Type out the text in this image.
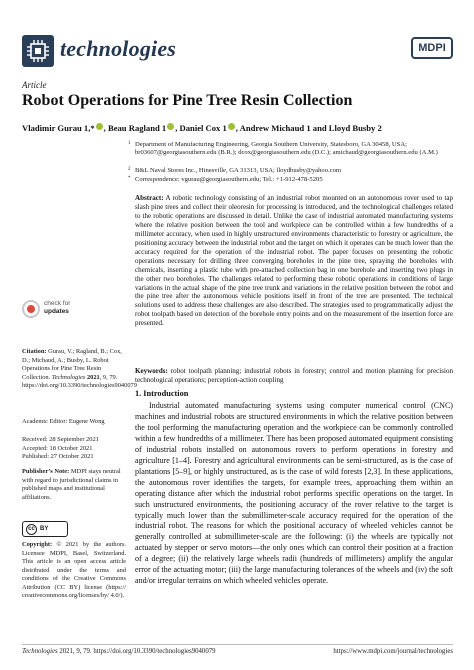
technologies	MDPI
Article
Robot Operations for Pine Tree Resin Collection
Vladimir Gurau 1,* , Beau Ragland 1 , Daniel Cox 1 , Andrew Michaud 1 and Lloyd Busby 2
1 Department of Manufacturing Engineering, Georgia Southern University, Statesboro, GA 30458, USA; br03607@georgiasouthern.edu (B.R.); dcox@georgiasouthern.edu (D.C.); amichaud@georgiasouthern.edu (A.M.)
2 B&L Naval Stores Inc., Hinesville, GA 31313, USA; lloydbusby@yahoo.com
* Correspondence: vgurau@georgiasouthern.edu; Tel.: +1-912-478-5205
Abstract: A robotic technology consisting of an industrial robot mounted on an autonomous rover used to tap slash pine trees and collect their oleoresin for processing is introduced, and the technological challenges related to the robotic operations are discussed in detail. Unlike the case of industrial automated manufacturing systems where the relative position between the tool and workpiece can be controlled within a few hundredths of a millimeter accuracy, when used in highly unstructured environments characteristic to forestry or agriculture, the positioning accuracy between the industrial robot and the target on which it operates can be much lower than the accuracy required for the operation of the industrial robot. The paper focuses on presenting the robotic operations necessary for drilling three converging boreholes in the pine tree, spraying the boreholes with chemicals, inserting a plastic tube with pre-attached collection bag in one borehole and inserting two plugs in the other two boreholes. The challenges related to performing these robotic operations in conditions of large variations in the actual shape of the pine tree trunk and variations in the relative position between the robot and the pine tree after the autonomous vehicle positions itself in front of the tree are presented. The technical solutions used to address these challenges are also described. The strategies used to programmatically adjust the robot toolpath based on detection of the borehole entry points and on the measurement of the insertion force are presented.
Keywords: robot toolpath planning; industrial robots in forestry; control and motion planning for precision technological operations; perception-action coupling
check for
updates
Citation: Gurau, V.; Ragland, B.; Cox, D.; Michaud, A.; Busby, L. Robot Operations for Pine Tree Resin Collection. Technologies 2021, 9, 79. https://doi.org/10.3390/technologies9040079
Academic Editor: Eugene Wong
Received: 28 September 2021
Accepted: 18 October 2021
Published: 27 October 2021
Publisher’s Note: MDPI stays neutral with regard to jurisdictional claims in published maps and institutional affiliations.
cc BY
Copyright: © 2021 by the authors. Licensee MDPI, Basel, Switzerland. This article is an open access article distributed under the terms and conditions of the Creative Commons Attribution (CC BY) license (https:// creativecommons.org/licenses/by/ 4.0/).
1. Introduction
Industrial automated manufacturing systems using computer numerical control (CNC) machines and industrial robots are structured environments in which the relative position between the tool performing the manufacturing operation and the workpiece can be commonly controlled within a few hundredths of a millimeter. There has been proposed automated equipment consisting of industrial robots installed on autonomous rovers to perform operations in forestry and agriculture [1–4]. Forestry and agricultural environments can be semi-structured, as is the case of plantations [5–9], or highly unstructured, as is the case of wild forests [2,3]. In these applications, the autonomous rover identifies the targets, for example trees, approaching them within an operating distance after which the industrial robot performs specific operations on the target. In such unstructured environments, the positioning accuracy of the rover relative to the target is typically much lower than the submillimeter-scale accuracy required for the operation of the industrial robot. The reasons for which the positional accuracy of wheeled vehicles cannot be generally controlled at submillimeter-scale are the following: (i) the wheels are typically not actuated by stepper or servo motors—the only ones which can control their position at a fraction of a degree; (ii) the relatively large wheels radii (hundreds of millimeters) amplify the angular error of the actuating motor; (iii) the large manufacturing tolerances of the wheels and (iv) the soft and/or irregular terrains on which wheeled vehicles operate.
Technologies 2021, 9, 79. https://doi.org/10.3390/technologies9040079	https://www.mdpi.com/journal/technologies
